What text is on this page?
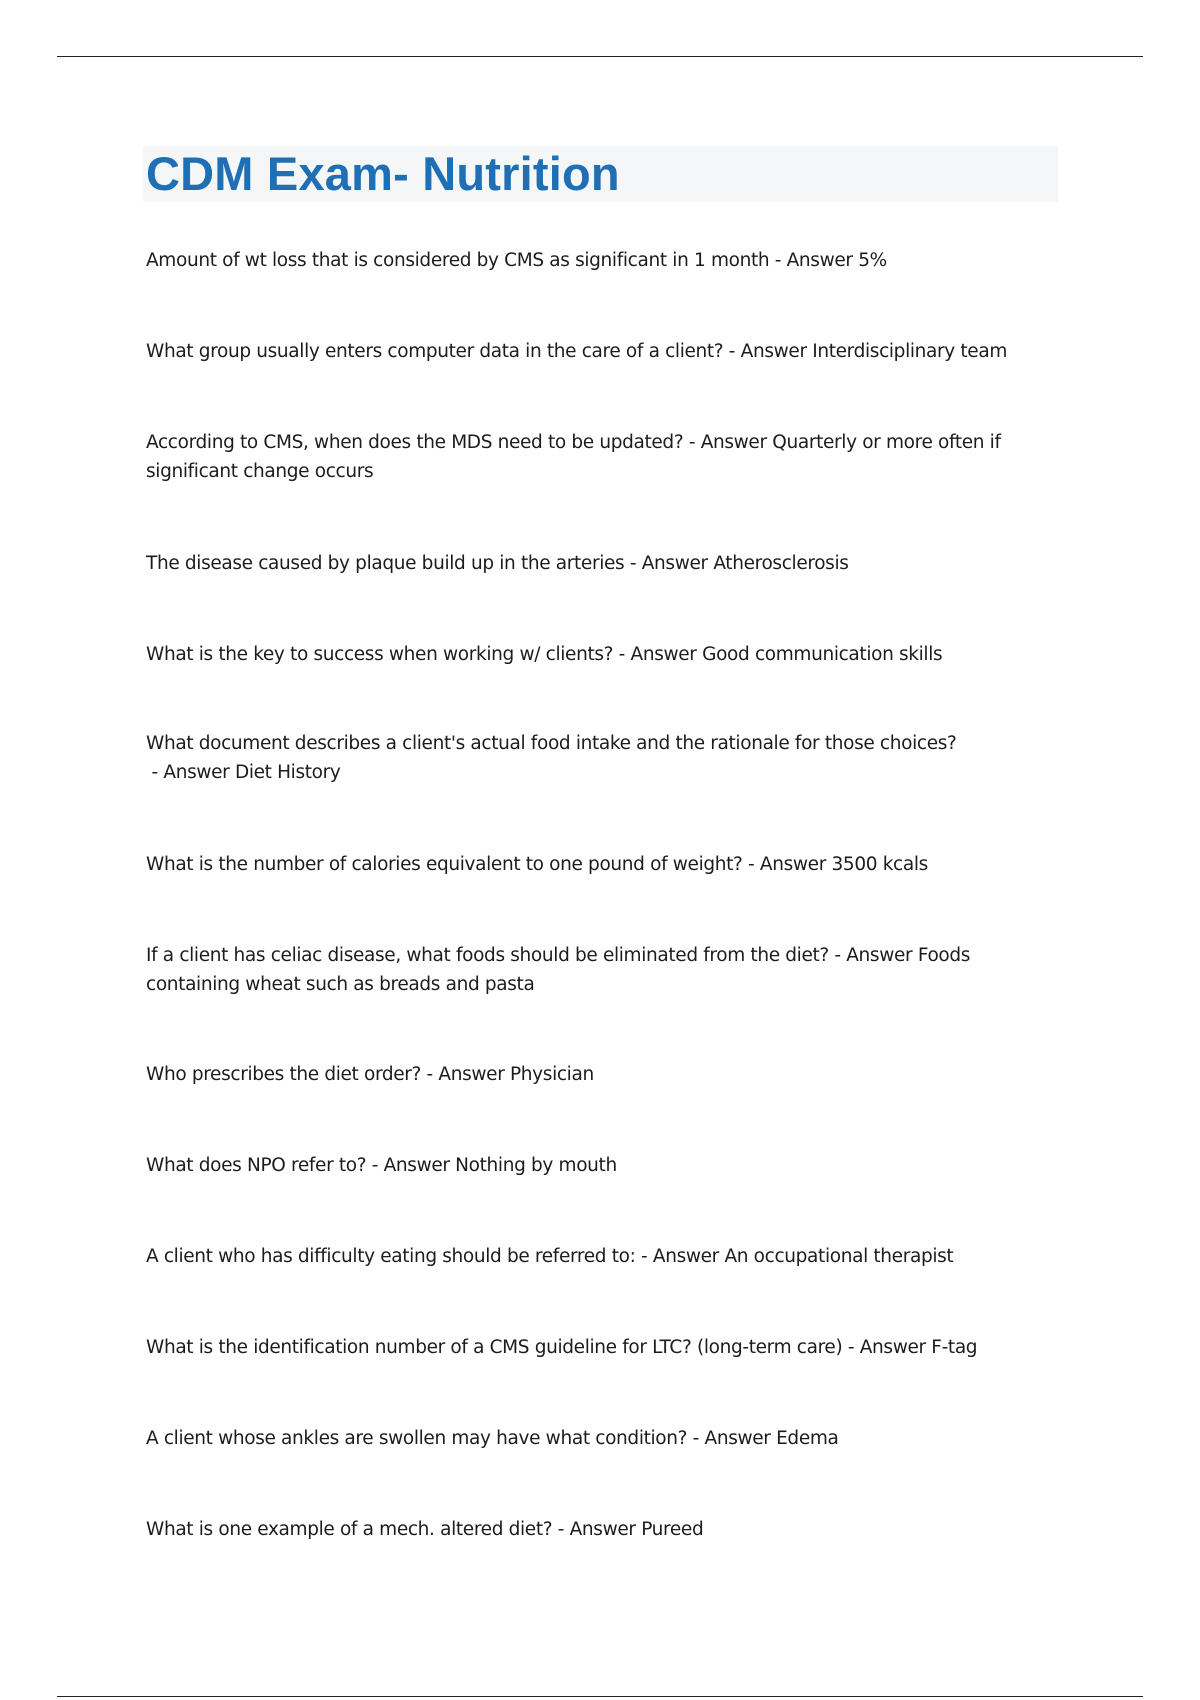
CDM Exam- Nutrition

Amount of wt loss that is considered by CMS as significant in 1 month - Answer 5%

What group usually enters computer data in the care of a client? - Answer Interdisciplinary team

According to CMS, when does the MDS need to be updated? - Answer Quarterly or more often if significant change occurs

The disease caused by plaque build up in the arteries - Answer Atherosclerosis

What is the key to success when working w/ clients? - Answer Good communication skills

What document describes a client's actual food intake and the rationale for those choices? - Answer Diet History

What is the number of calories equivalent to one pound of weight? - Answer 3500 kcals

If a client has celiac disease, what foods should be eliminated from the diet? - Answer Foods containing wheat such as breads and pasta

Who prescribes the diet order? - Answer Physician

What does NPO refer to? - Answer Nothing by mouth

A client who has difficulty eating should be referred to: - Answer An occupational therapist

What is the identification number of a CMS guideline for LTC? (long-term care) - Answer F-tag

A client whose ankles are swollen may have what condition? - Answer Edema

What is one example of a mech. altered diet? - Answer Pureed
